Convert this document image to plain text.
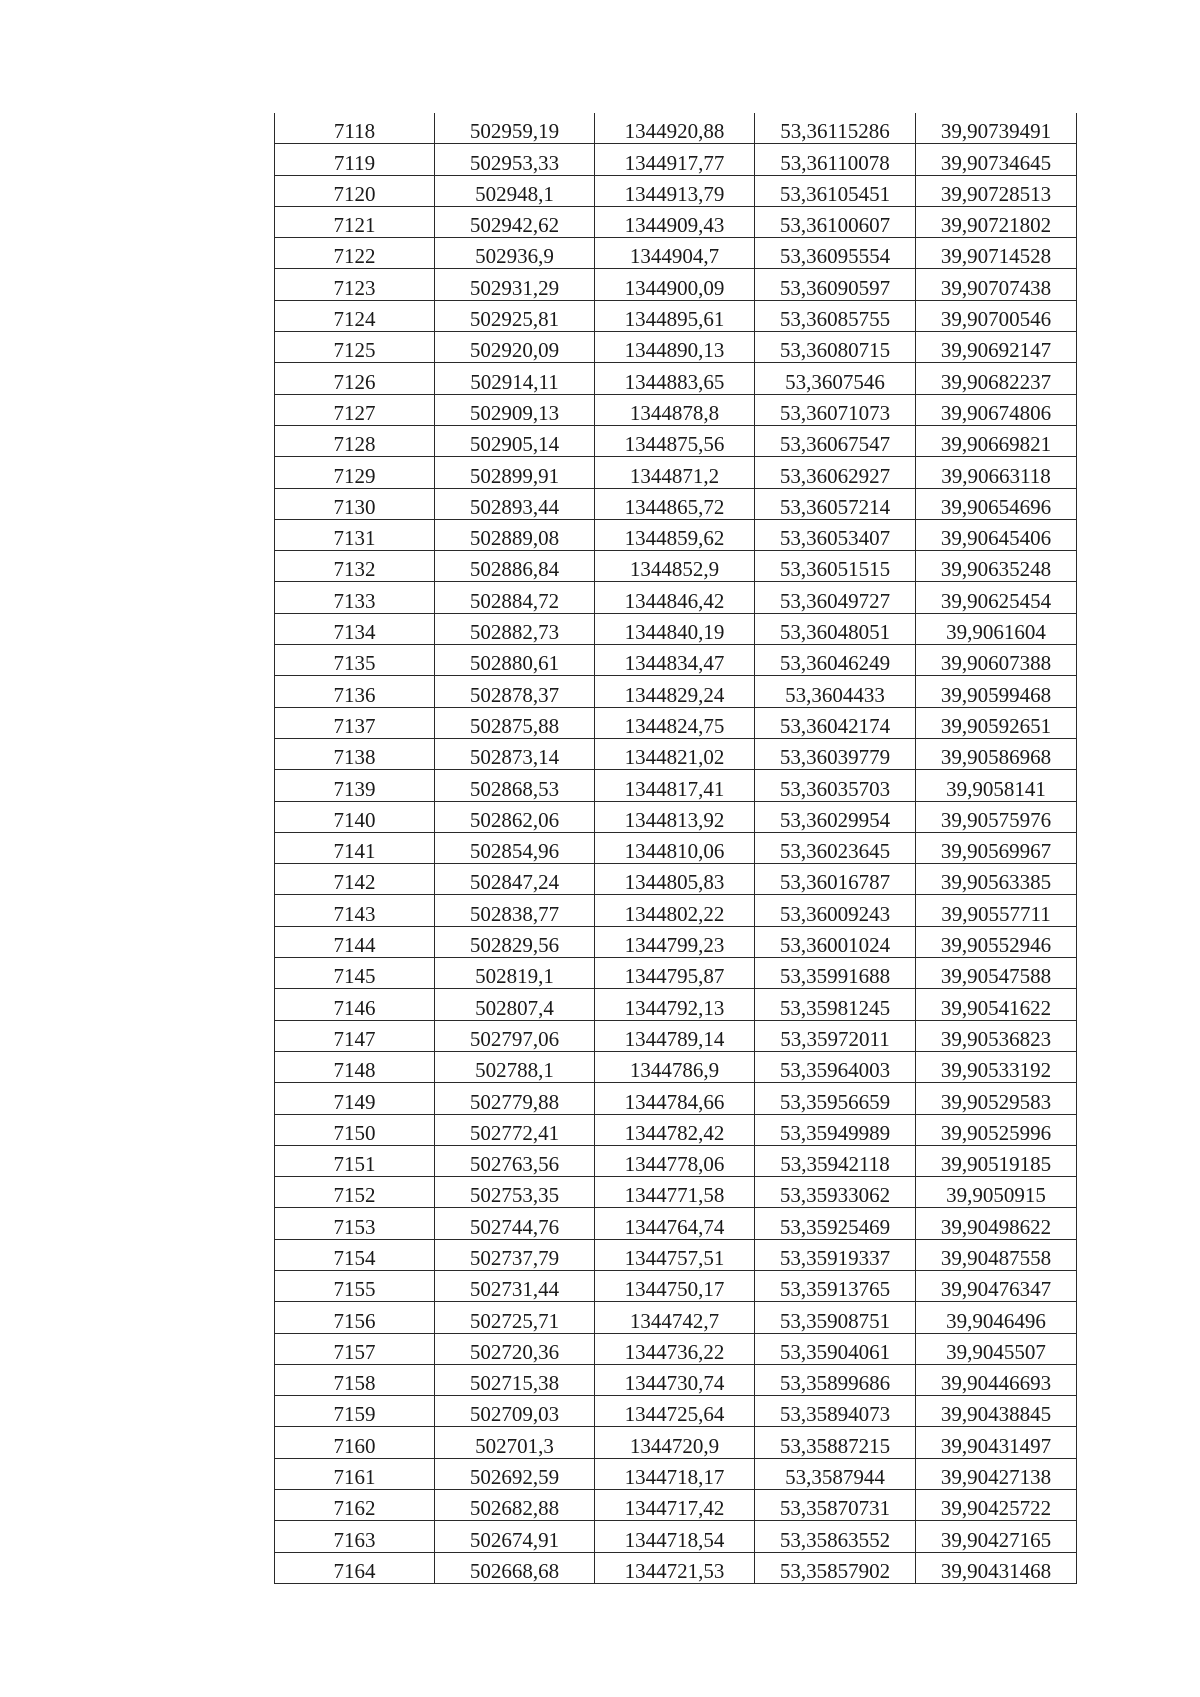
7118	502959,19	1344920,88	53,36115286	39,90739491
7119	502953,33	1344917,77	53,36110078	39,90734645
7120	502948,1	1344913,79	53,36105451	39,90728513
7121	502942,62	1344909,43	53,36100607	39,90721802
7122	502936,9	1344904,7	53,36095554	39,90714528
7123	502931,29	1344900,09	53,36090597	39,90707438
7124	502925,81	1344895,61	53,36085755	39,90700546
7125	502920,09	1344890,13	53,36080715	39,90692147
7126	502914,11	1344883,65	53,3607546	39,90682237
7127	502909,13	1344878,8	53,36071073	39,90674806
7128	502905,14	1344875,56	53,36067547	39,90669821
7129	502899,91	1344871,2	53,36062927	39,90663118
7130	502893,44	1344865,72	53,36057214	39,90654696
7131	502889,08	1344859,62	53,36053407	39,90645406
7132	502886,84	1344852,9	53,36051515	39,90635248
7133	502884,72	1344846,42	53,36049727	39,90625454
7134	502882,73	1344840,19	53,36048051	39,9061604
7135	502880,61	1344834,47	53,36046249	39,90607388
7136	502878,37	1344829,24	53,3604433	39,90599468
7137	502875,88	1344824,75	53,36042174	39,90592651
7138	502873,14	1344821,02	53,36039779	39,90586968
7139	502868,53	1344817,41	53,36035703	39,9058141
7140	502862,06	1344813,92	53,36029954	39,90575976
7141	502854,96	1344810,06	53,36023645	39,90569967
7142	502847,24	1344805,83	53,36016787	39,90563385
7143	502838,77	1344802,22	53,36009243	39,90557711
7144	502829,56	1344799,23	53,36001024	39,90552946
7145	502819,1	1344795,87	53,35991688	39,90547588
7146	502807,4	1344792,13	53,35981245	39,90541622
7147	502797,06	1344789,14	53,35972011	39,90536823
7148	502788,1	1344786,9	53,35964003	39,90533192
7149	502779,88	1344784,66	53,35956659	39,90529583
7150	502772,41	1344782,42	53,35949989	39,90525996
7151	502763,56	1344778,06	53,35942118	39,90519185
7152	502753,35	1344771,58	53,35933062	39,9050915
7153	502744,76	1344764,74	53,35925469	39,90498622
7154	502737,79	1344757,51	53,35919337	39,90487558
7155	502731,44	1344750,17	53,35913765	39,90476347
7156	502725,71	1344742,7	53,35908751	39,9046496
7157	502720,36	1344736,22	53,35904061	39,9045507
7158	502715,38	1344730,74	53,35899686	39,90446693
7159	502709,03	1344725,64	53,35894073	39,90438845
7160	502701,3	1344720,9	53,35887215	39,90431497
7161	502692,59	1344718,17	53,3587944	39,90427138
7162	502682,88	1344717,42	53,35870731	39,90425722
7163	502674,91	1344718,54	53,35863552	39,90427165
7164	502668,68	1344721,53	53,35857902	39,90431468
